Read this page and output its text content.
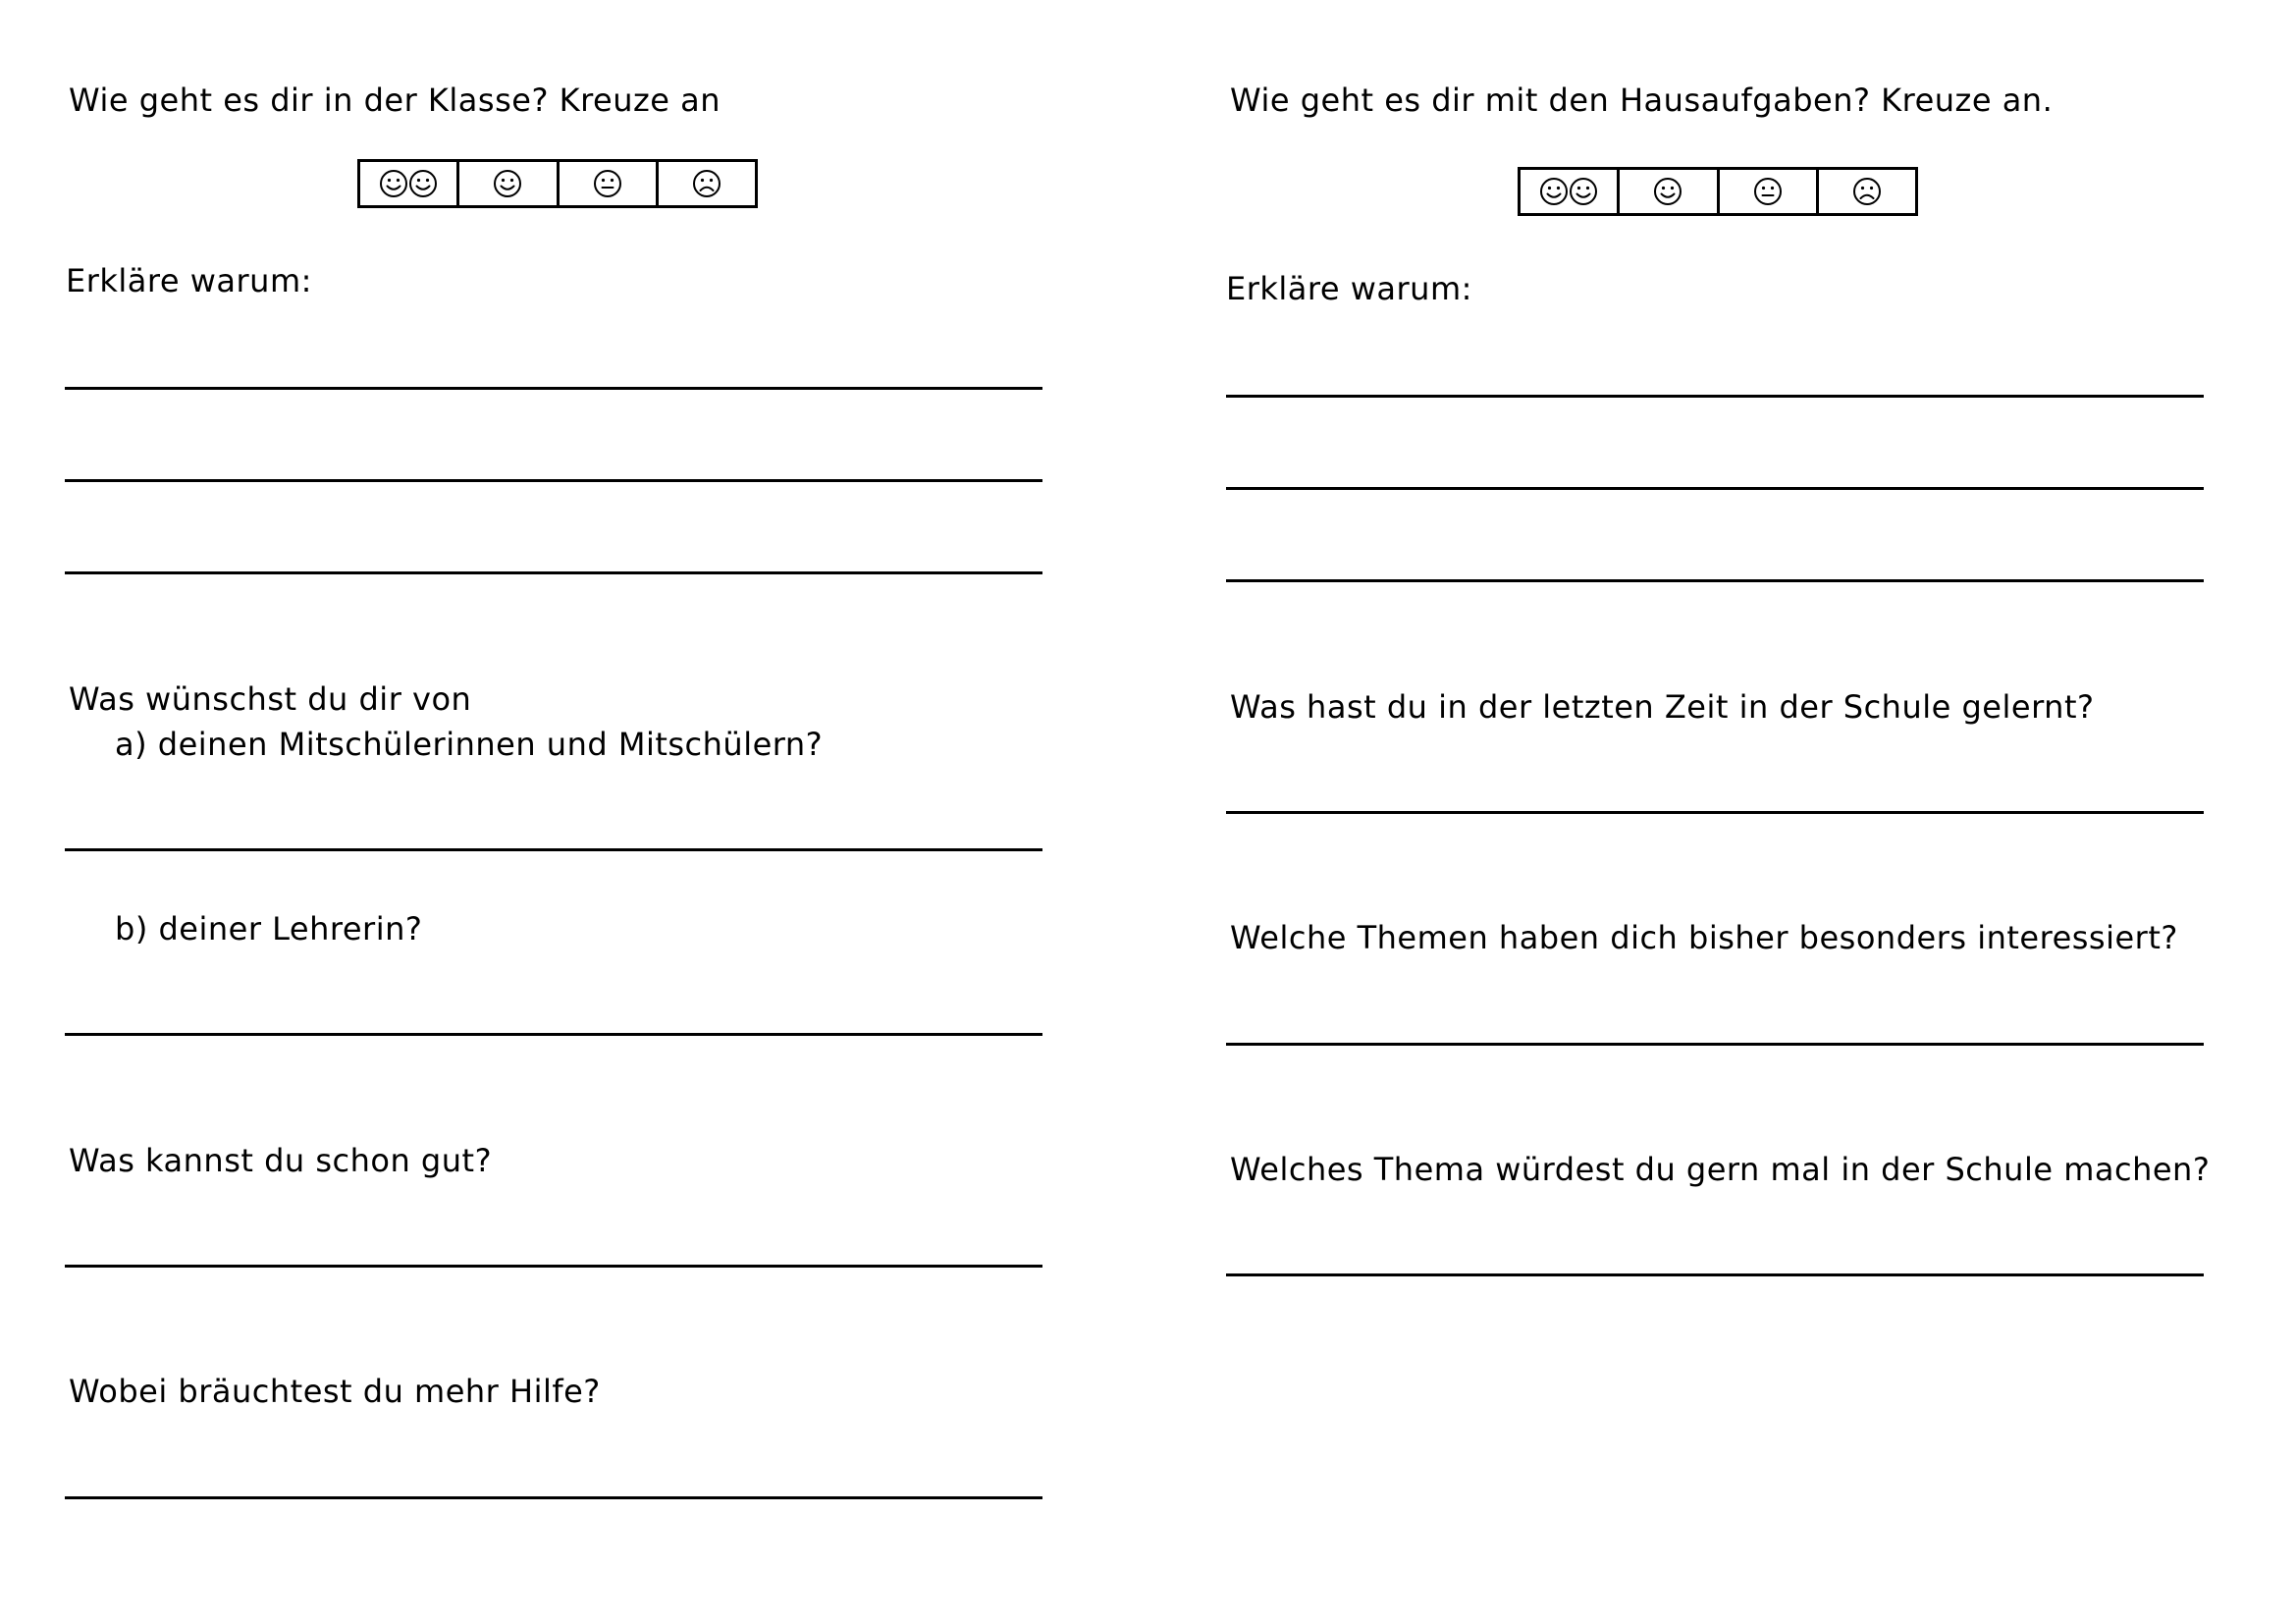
Wie geht es dir in der Klasse? Kreuze an
Erkläre warum:
Was wünschst du dir von
a) deinen Mitschülerinnen und Mitschülern?
b) deiner Lehrerin?
Was kannst du schon gut?
Wobei bräuchtest du mehr Hilfe?
Wie geht es dir mit den Hausaufgaben? Kreuze an.
Erkläre warum:
Was hast du in der letzten Zeit in der Schule gelernt?
Welche Themen haben dich bisher besonders interessiert?
Welches Thema würdest du gern mal in der Schule machen?
